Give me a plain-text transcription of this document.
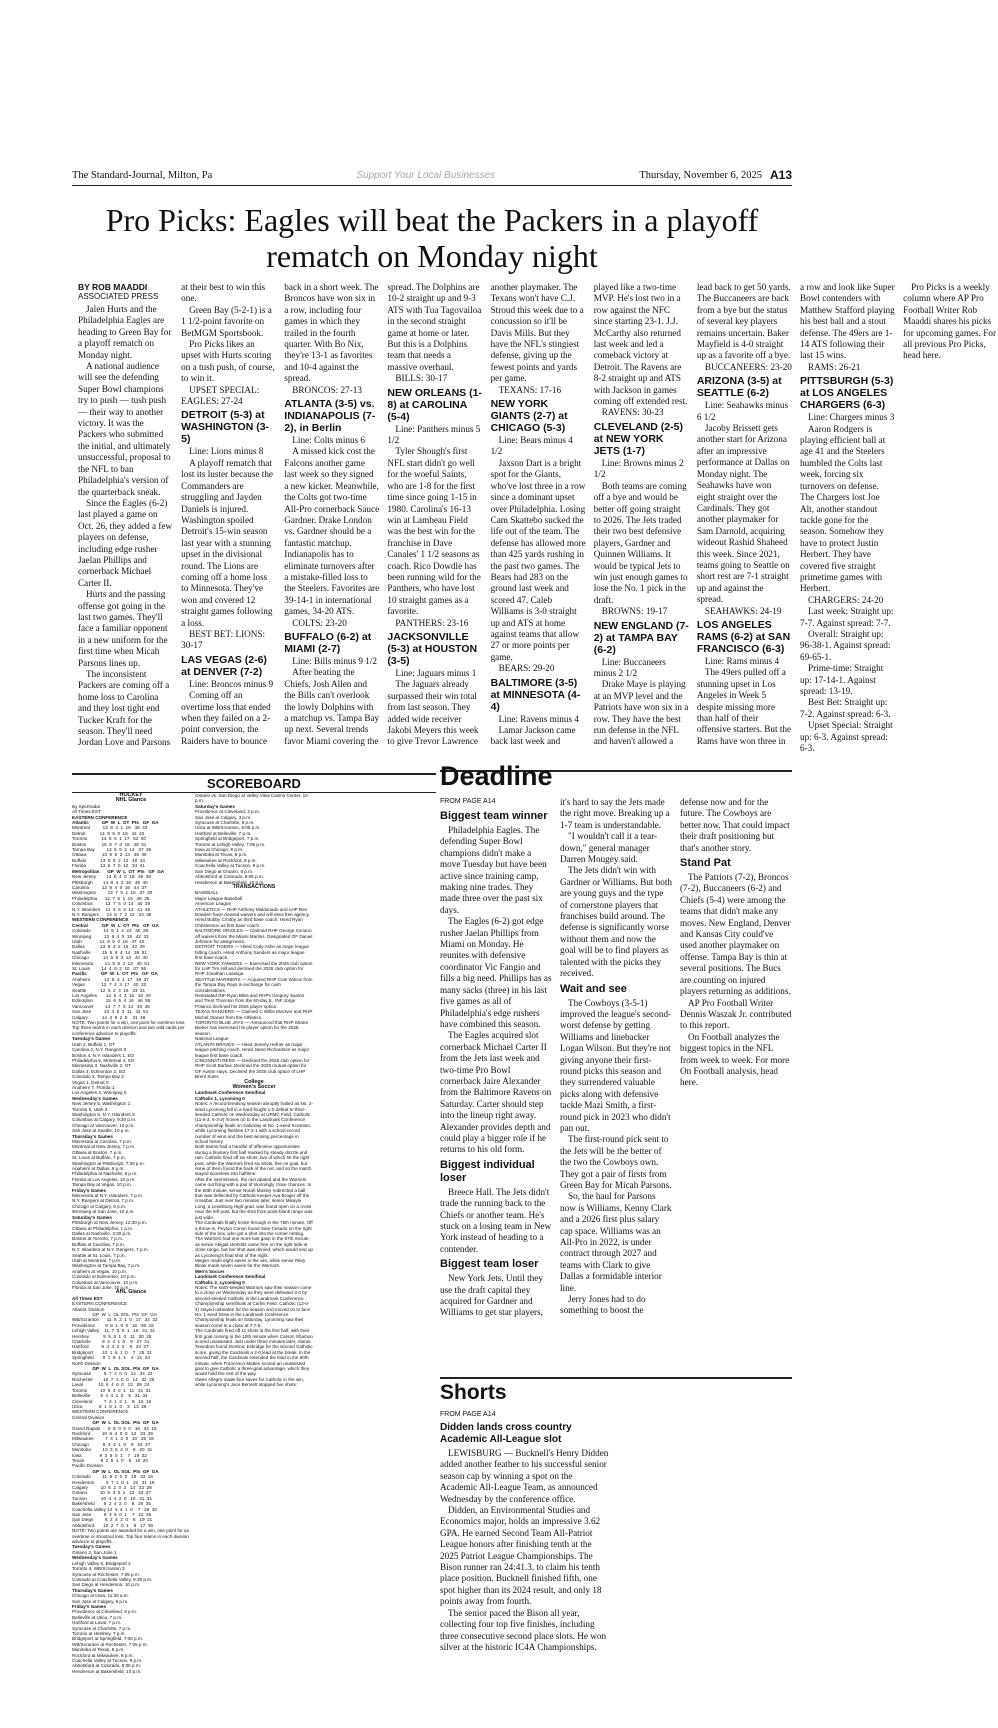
The Standard-Journal, Milton, Pa	Support Your Local Businesses	Thursday, November 6, 2025 A13
Pro Picks: Eagles will beat the Packers in a playoff rematch on Monday night
BY ROB MAADDI
ASSOCIATED PRESS

Jalen Hurts and the Philadelphia Eagles are heading to Green Bay for a playoff rematch on Monday night.

A national audience will see the defending Super Bowl champions try to push — tush push — their way to another victory. It was the Packers who submitted the initial, and ultimately unsuccessful, proposal to the NFL to ban Philadelphia's version of the quarterback sneak.

Since the Eagles (6-2) last played a game on Oct. 26, they added a few players on defense, including edge rusher Jaelan Phillips and cornerback Michael Carter II.

Hurts and the passing offense got going in the last two games. They'll face a familiar opponent in a new uniform for the first time when Micah Parsons lines up.

The inconsistent Packers are coming off a home loss to Carolina and they lost tight end Tucker Kraft for the season. They'll need Jordan Love and Parsons at their best to win this one.

Green Bay (5-2-1) is a 1 1/2-point favorite on BetMGM Sportsbook.

Pro Picks likes an upset with Hurts scoring on a tush push, of course, to win it.

UPSET SPECIAL: EAGLES: 27-24

DETROIT (5-3) at WASHINGTON (3-5)

Line: Lions minus 8

A playoff rematch that lost its luster because the Commanders are struggling and Jayden Daniels is injured. Washington spoiled Detroit's 15-win season last year with a stunning upset in the divisional round. The Lions are coming off a home loss to Minnesota. They've won and covered 12 straight games following a loss.

BEST BET: LIONS: 30-17

LAS VEGAS (2-6) at DENVER (7-2)

Line: Broncos minus 9

Coming off an overtime loss that ended when they failed on a 2-point conversion, the Raiders have to bounce back in a short week. The Broncos have won six in a row, including four games in which they trailed in the fourth quarter. With Bo Nix, they're 13-1 as favorites and 10-4 against the spread.

BRONCOS: 27-13

ATLANTA (3-5) vs. INDIANAPOLIS (7-2), in Berlin

Line: Colts minus 6

A missed kick cost the Falcons another game last week so they signed a new kicker. Meanwhile, the Colts got two-time All-Pro cornerback Sauce Gardner. Drake London vs. Gardner should be a fantastic matchup. Indianapolis has to eliminate turnovers after a mistake-filled loss to the Steelers. Favorites are 39-14-1 in international games, 34-20 ATS.

COLTS: 23-20

BUFFALO (6-2) at MIAMI (2-7)

Line: Bills minus 9 1/2

After beating the Chiefs, Josh Allen and the Bills can't overlook the lowly Dolphins with a matchup vs. Tampa Bay up next. Several trends favor Miami covering the spread. The Dolphins are 10-2 straight up and 9-3 ATS with Tua Tagovailoa in the second straight game at home or later. But this is a Dolphins team that needs a massive overhaul.

BILLS: 30-17

NEW ORLEANS (1-8) at CAROLINA (5-4)

Line: Panthers minus 5 1/2

Tyler Shough's first NFL start didn't go well for the woeful Saints, who are 1-8 for the first time since going 1-15 in 1980. Carolina's 16-13 win at Lambeau Field was the best win for the franchise in Dave Canales' 1 1/2 seasons as coach. Rico Dowdle has been running wild for the Panthers, who have lost 10 straight games as a favorite.

PANTHERS: 23-16

JACKSONVILLE (5-3) at HOUSTON (3-5)

Line: Jaguars minus 1

The Jaguars already surpassed their win total from last season. They added wide receiver Jakobi Meyers this week to give Trevor Lawrence another playmaker. The Texans won't have C.J. Stroud this week due to a concussion so it'll be Davis Mills. But they have the NFL's stingiest defense, giving up the fewest points and yards per game.

TEXANS: 17-16

NEW YORK GIANTS (2-7) at CHICAGO (5-3)

Line: Bears minus 4 1/2

Jaxson Dart is a bright spot for the Giants, who've lost three in a row since a dominant upset over Philadelphia. Losing Cam Skattebo sucked the life out of the team. The defense has allowed more than 425 yards rushing in the past two games. The Bears had 283 on the ground last week and scored 47. Caleb Williams is 3-0 straight up and ATS at home against teams that allow 27 or more points per game.

BEARS: 29-20

BALTIMORE (3-5) at MINNESOTA (4-4)

Line: Ravens minus 4

Lamar Jackson came back last week and played like a two-time MVP. He's lost two in a row against the NFC since starting 23-1. J.J. McCarthy also returned last week and led a comeback victory at Detroit. The Ravens are 8-2 straight up and ATS with Jackson in games coming off extended rest.

RAVENS: 30-23

CLEVELAND (2-5) at NEW YORK JETS (1-7)

Line: Browns minus 2 1/2

Both teams are coming off a bye and would be better off going straight to 2026. The Jets traded their two best defensive players, Gardner and Quinnen Williams. It would be typical Jets to win just enough games to lose the No. 1 pick in the draft.

BROWNS: 19-17

NEW ENGLAND (7-2) at TAMPA BAY (6-2)

Line: Buccaneers minus 2 1/2

Drake Maye is playing at an MVP level and the Patriots have won six in a row. They have the best run defense in the NFL and haven't allowed a lead back to get 50 yards. The Buccaneers are back from a bye but the status of several key players remains uncertain. Baker Mayfield is 4-0 straight up as a favorite off a bye.

BUCCANEERS: 23-20

ARIZONA (3-5) at SEATTLE (6-2)

Line: Seahawks minus 6 1/2

Jacoby Brissett gets another start for Arizona after an impressive performance at Dallas on Monday night. The Seahawks have won eight straight over the Cardinals. They got another playmaker for Sam Darnold, acquiring wideout Rashid Shaheed this week. Since 2021, teams going to Seattle on short rest are 7-1 straight up and against the spread.

SEAHAWKS: 24-19

LOS ANGELES RAMS (6-2) at SAN FRANCISCO (6-3)

Line: Rams minus 4

The 49ers pulled off a stunning upset in Los Angeles in Week 5 despite missing more than half of their offensive starters. But the Rams have won three in a row and look like Super Bowl contenders with Matthew Stafford playing his best ball and a stout defense. The 49ers are 1-14 ATS following their last 15 wins.

RAMS: 26-21

PITTSBURGH (5-3) at LOS ANGELES CHARGERS (6-3)

Line: Chargers minus 3

Aaron Rodgers is playing efficient ball at age 41 and the Steelers humbled the Colts last week, forcing six turnovers on defense. The Chargers lost Joe Alt, another standout tackle gone for the season. Somehow they have to protect Justin Herbert. They have covered five straight primetime games with Herbert.

CHARGERS: 24-20

Last week: Straight up: 7-7. Against spread: 7-7.

Overall: Straight up: 96-38-1. Against spread: 69-65-1.

Prime-time: Straight up: 17-14-1. Against spread: 13-19.

Best Bet: Straight up: 7-2. Against spread: 6-3.

Upset Special: Straight up: 6-3. Against spread: 6-3.

Pro Picks is a weekly column where AP Pro Football Writer Rob Maaddi shares his picks for upcoming games. For all previous Pro Picks, head here.

SCOREBOARD
HOCKEY
NHL Glance
By Sportradar
All Times EST
EASTERN CONFERENCE
Atlantic          GP  W  L  OT  Pts   GF  GA
Montreal          13  9  3  1  19   48  43
Detroit           14  9  5  0  18   42  40
Toronto           14  8  5  1  17   52  50
Boston            15  8  7  0  16   49  51
Tampa Bay         13  6  5  2  14   37  36
Ottawa            13  6  5  2  14   46  48
Buffalo           13  5  6  2  12   40  43
Florida           13  6  7  0  12   34  41
Metropolitan      GP  W  L  OT  Pts   GF  GA
New Jersey        13  9  4  0  18   46  38
Pittsburgh        14  8  4  2  18   49  40
Carolina          12  8  4  0  16   44  37
Washington         13  7  5  1  15   37  30
Philadelphia      12  7  5  1  15   38  35
Columbus          12  7  5  0  14   40  39
N.Y. Islanders    13  5  5  3  13   41  46
N.Y. Rangers      14  5  7  2  12   33  38
WESTERN CONFERENCE
Central           GP  W  L  OT  Pts   GF  GA
Colorado          14  9  1  4  22   50  28
Winnipeg          13  9  4  0  18   42  33
Utah              14  9  5  0  18   47  40
Dallas            13  8  3  2  18   42  39
Nashville         15  5  6  4  14   39  51
Chicago           13  5  5  3  13   42  40
Minnesota         14  5  6  3  13   40  51
St. Louis         14  4  8  2  10   37  55
Pacific           GP  W  L  OT  Pts   GF  GA
Anaheim           12  8  3  1  17   48  37
Vegas             12  7  2  3  17   40  32
Seattle           12  6  2  4  16   33  31
Los Angeles       14  6  4  4  16   40  40
Edmonton          15  6  5  4  16   46  55
Vancouver         14  7  7  0  14   40  45
San Jose          13  4  6  3  11   42  51
Calgary           14  3  9  2  8    31  48
NOTE: Two points for a win, one point for overtime loss. Top three teams in each division and two wild cards per conference advance to playoffs.
Tuesday's Games
Utah 2, Buffalo 1, OT
Carolina 3, N.Y. Rangers 0
Boston 4, N.Y. Islanders 1, SO
Philadelphia 5, Montreal 4, SO
Minnesota 3, Nashville 2, OT
Dallas 4, Edmonton 3, SO
Colorado 3, Tampa Bay 2
Vegas 1, Detroit 0
Anaheim 7, Florida 1
Los Angeles 3, Winnipeg 0
Wednesday's Games
New Jersey 5, Washington 1
Toronto 5, Utah 3
Washington 6, N.Y. Islanders 3
Columbus at Calgary, 9:30 p.m.
Chicago at Vancouver, 10 p.m.
San Jose at Seattle, 10 p.m.
Thursday's Games
Minnesota at Carolina, 7 p.m.
Montreal at New Jersey, 7 p.m.
Ottawa at Boston, 7 p.m.
St. Louis at Buffalo, 7 p.m.
Washington at Pittsburgh, 7:30 p.m.
Anaheim at Dallas, 8 p.m.
Philadelphia at Nashville, 8 p.m.
Florida at Los Angeles, 10 p.m.
Tampa Bay at Vegas, 10 p.m.
Friday's Games
Minnesota at N.Y. Islanders, 7 p.m.
N.Y. Rangers at Detroit, 7 p.m.
Chicago at Calgary, 9 p.m.
Winnipeg at San Jose, 10 p.m.
Saturday's Games
Pittsburgh at New Jersey, 12:30 p.m.
Ottawa at Philadelphia, 1 p.m.
Dallas at Nashville, 3:30 p.m.
Boston at Toronto, 7 p.m.
Buffalo at Carolina, 7 p.m.
N.Y. Islanders at N.Y. Rangers, 7 p.m.
Seattle at St. Louis, 7 p.m.
Utah at Montreal, 7 p.m.
Washington at Tampa Bay, 7 p.m.
Anaheim at Vegas, 10 p.m.
Colorado at Edmonton, 10 p.m.
Columbus at Vancouver, 10 p.m.
Florida at San Jose, 10 p.m.
AHL Glance
All Times EST
EASTERN CONFERENCE
Atlantic Division
GP  W  L  OL SOL  Pts  GF  GA
WB/Scranton      11  8  2  1  0   17   34  22
Providence        9  8  1  0  0   16   36  19
Lehigh Valley    11  7  3  0  1   15   41  31
Hershey           9  5  3  1  0   11   30  28
Charlotte         9  4  4  1  0    9   27  31
Hartford          9  3  4  2  0    8   24  27
Bridgeport       10  1  6  1  0    7   25  31
Springfield       9  1  6  1  1    4   21  34
North Division
GP  W  L  OL SOL  Pts  GF  GA
Syracuse          9  7  2  0  0   14   34  22
Rochester        10  7  1  0  0   14   32  26
Laval            10  6  4  0  0   12   29  24
Toronto          10  5  4  0  1   11   31  31
Belleville        9  4  4  1  0    9   31  34
Cleveland         7  3  1  2  1    9   15  18
Utica             8  1  6  1  0    3   13  26
WESTERN CONFERENCE
Central Division
GP  W  L  OL SOL  Pts  GF  GA
Grand Rapids      8  8  0  0  0   16   34  16
Rockford         10  6  4  0  0   12   33  29
Milwaukee         7  4  1  2  0   10   25  18
Chicago           8  4  3  1  0    9   24  27
Manitoba         10  3  5  2  0    8   20  31
Iowa              9  3  5  0  1    7   19  32
Texas             8  2  5  1  0    5   15  20
Pacific Division
GP  W  L  OL SOL  Pts  GF  GA
Colorado         11  9  2  0  0   18   33  19
Henderson         9  7  1  0  1   15   31  19
Calgary          10  6  2  0  2   14   33  29
Ontario          10  6  3  0  1   13   33  27
Tucson           10  4  4  2  0   10   31  31
Bakersfield       9  3  4  2  0    8   26  35
Coachella Valley 14  3  4  1  0    7   26  30
San Jose          9  3  5  0  1    7   22  35
San Diego         8  2  4  2  0    6   19  21
Abbotsford       10  2  7  0  1    5   17  39
NOTE: Two points are awarded for a win, one point for an overtime or shootout loss. Top four teams in each division advance to playoffs.
Tuesday's Games
Ontario 2, San Jose 1
Wednesday's Games
Lehigh Valley 6, Bridgeport 2
Toronto 4, WB/Scranton 3
Syracuse at Rochester, 7:05 p.m.
Colorado at Coachella Valley, 9:30 p.m.
San Diego at Henderson, 10 p.m.
Thursday's Games
Chicago at Iowa, 11:30 a.m.
San Jose at Calgary, 9 p.m.
Friday's Games
Providence at Cleveland, 6 p.m.
Belleville at Utica, 7 p.m.
Hartford at Laval, 7 p.m.
Syracuse at Charlotte, 7 p.m.
Toronto at Hershey, 7 p.m.
Bridgeport at Springfield, 7:05 p.m.
WB/Scranton at Rochester, 7:05 p.m.
Manitoba at Texas, 8 p.m.
Rockford at Milwaukee, 8 p.m.
Coachella Valley at Tucson, 9 p.m.
Abbotsford at Colorado, 9:05 p.m.
Henderson at Bakersfield, 10 p.m.
Ontario vs. San Diego at Valley View Casino Center, 10 p.m.
Saturday's Games
Providence at Cleveland, 2 p.m.
San Jose at Calgary, 3 p.m.
Syracuse at Charlotte, 6 p.m.
Utica at WB/Scranton, 6:05 p.m.
Hartford at Belleville, 7 p.m.
Springfield at Bridgeport, 7 p.m.
Toronto at Lehigh Valley, 7:05 p.m.
Iowa at Chicago, 8 p.m.
Manitoba at Texas, 8 p.m.
Milwaukee at Rockford, 8 p.m.
Coachella Valley at Tucson, 9 p.m.
San Diego at Ontario, 9 p.m.
Abbotsford at Colorado, 9:05 p.m.
Henderson at Bakersfield, 10 p.m.
TRANSACTIONS
BASEBALL
Major League Baseball
American League
ATHLETICS — RHP Anthony Maldonado and LHP Ben Bowden have cleared waivers and will elect free agency. Hired Bobby Crosby as third base coach. Hired Ryan Christenson as first base coach.
BALTIMORE ORIOLES — Claimed RHP George Soriano off waivers from the Miami Marlins. Designated OF Daniel Johnson for assignment.
DETROIT TIGERS — Hired Cody Ashe as major league hitting coach. Hired Anthony Sanders as major league first base coach.
NEW YORK YANKEES — Exercised the 2026 club option for LHP Tim Hill and declined the 2026 club option for RHP Jonathan Loáisiga.
SEATTLE MARINERS — Acquired RHP Cole Wilcox from the Tampa Bay Rays in exchange for cash considerations.
Reinstated INF Ryan Bliss and RHPs Gregory Santos and Trent Thornton from the 60-day IL. INF Jorge Polanco declined his 2026 player option.
TEXAS RANGERS — Claimed C Willie MacIver and RHP Michel Otanez from the Athletics.
TORONTO BLUE JAYS — Announced that RHP Shane Bieber has exercised his player option for the 2026 season.
National League
ATLANTA BRAVES — Hired Jeremy Hefner as major league pitching coach. Hired Jared Richardson as major league first base coach.
CINCINNATI REDS — Declined the 2026 club option for RHP Scott Barlow. Declined the 2026 mutual option for OF Austin Hays. Declined the 2026 club option of LHP Brent Suter.
College
Women's Soccer
Landmark Conference Semifinal
Catholic 1, Lycoming 0
Notes: A record-breaking season abruptly halted as No. 2-seed Lycoming fell in a hard-fought 1-0 defeat to third-seeded Catholic on Wednesday at UPMC Field. Catholic (11-6-3, 6-3-2) moves on to the Landmark Conference championship finals on Saturday at No. 1-seed Scranton, while Lycoming finishes 17-2-1 with a school-record number of wins and the best winning percentage in school history.
Both teams had a handful of offensive opportunities during a blustery first half marked by steady drizzle and rain. Catholic fired off six shots, two of which hit the right post, while the Warriors fired six shots, five on goal, but none of them found the back of the net, and so the match stayed scoreless into halftime.
After the intermission, the rain abated and the Warriors came out firing with a pair of stunningly close chances. In the 50th minute, senior Norah Mosley redirected a ball that was deflected by Catholic keeper Ava Broger off the crossbar. Just over two minutes later, senior Mikayla Long, a Lewisburg High grad, was found open on a cross near the left post, but the shot from point-blank range was just wide.
The Cardinals finally broke through in the 75th minute. Off a throw-in, Peyton Conon found Sam Cesario on the right side of the box, who got a shot into the corner netting.
The Warriors had one more last gasp in the 87th minute, as senior Abigail Umholtz came free on the right side at close range, but her shot was denied, which would end up as Lycoming's final shot of the night.
Megan made eight saves in the win, while senior Riley Blook made seven saves for the Warriors.
Men's Soccer
Landmark Conference Semifinal
Catholic 2, Lycoming 0
Notes: The sixth-seeded Warriors saw their season come to a close on Wednesday as they were defeated 3-0 by second-seeded Catholic in the Landmark Conference Championship semifinals at Carlini Field. Catholic (12-0-4) stayed unbeaten for the season and moved on to face No. 1 seed Drew in the Landmark Conference Championship finals on Saturday. Lycoming saw their season come to a close at 7-7-5.
The Cardinals fired off 11 shots in the first half, with their first goal coming in the 10th minute when Carson Shamoo scored unassisted. Just under three minutes later, Alaras Tewodros found Dominic Eskridge for the second Catholic score, giving the Cardinals a 2-0 lead at the break. In the second half, the Cardinals extended the lead in the 60th minute, when Francesco Matteo scored an unassisted goal to give Catholic a three-goal advantage, which they would hold the rest of the way.
Owen Allegro made four saves for Catholic in the win, while Lycoming's Jace Bennett stopped five shots.
Deadline

FROM PAGE A14

Biggest team winner

Philadelphia Eagles. The defending Super Bowl champions didn't make a move Tuesday but have been active since training camp, making nine trades. They made three over the past six days.

The Eagles (6-2) got edge rusher Jaelan Phillips from Miami on Monday. He reunites with defensive coordinator Vic Fangio and fills a big need. Phillips has as many sacks (three) in his last five games as all of Philadelphia's edge rushers have combined this season.

The Eagles acquired slot cornerback Michael Carter II from the Jets last week and two-time Pro Bowl cornerback Jaire Alexander from the Baltimore Ravens on Saturday. Carter should step into the lineup right away. Alexander provides depth and could play a bigger role if he returns to his old form.

Biggest individual loser

Breece Hall. The Jets didn't trade the running back to the Chiefs or another team. He's stuck on a losing team in New York instead of heading to a contender.

Biggest team loser

New York Jets. Until they use the draft capital they acquired for Gardner and Williams to get star players, it's hard to say the Jets made the right move. Breaking up a 1-7 team is understandable.

"I wouldn't call it a tear-down," general manager Darren Mougey said.

The Jets didn't win with Gardner or Williams. But both are young guys and the type of cornerstone players that franchises build around. The defense is significantly worse without them and now the goal will be to find players as talented with the picks they received.

Wait and see

The Cowboys (3-5-1) improved the league's second-worst defense by getting Williams and linebacker Logan Wilson. But they're not giving anyone their first-round picks this season and they surrendered valuable picks along with defensive tackle Mazi Smith, a first-round pick in 2023 who didn't pan out.

The first-round pick sent to the Jets will be the better of the two the Cowboys own. They got a pair of firsts from Green Bay for Micah Parsons.

So, the haul for Parsons now is Williams, Kenny Clark and a 2026 first plus salary cap space. Williams was an All-Pro in 2022, is under contract through 2027 and teams with Clark to give Dallas a formidable interior line.

Jerry Jones had to do something to boost the defense now and for the future. The Cowboys are better now. That could impact their draft positioning but that's another story.

Stand Pat

The Patriots (7-2), Broncos (7-2), Buccaneers (6-2) and Chiefs (5-4) were among the teams that didn't make any moves. New England, Denver and Kansas City could've used another playmaker on offense. Tampa Bay is thin at several positions. The Bucs are counting on injured players returning as additions.

AP Pro Football Writer Dennis Waszak Jr. contributed to this report.

On Football analyzes the biggest topics in the NFL from week to week. For more On Football analysis, head here.

Shorts

FROM PAGE A14

Didden lands cross country Academic All-League slot

LEWISBURG — Bucknell's Henry Didden added another feather to his successful senior season cap by winning a spot on the Academic All-League Team, as announced Wednesday by the conference office.

Didden, an Environmental Studies and Economics major, holds an impressive 3.62 GPA. He earned Second Team All-Patriot League honors after finishing tenth at the 2025 Patriot League Championships. The Bison runner ran 24:41.3. to claim his tenth place position. Bucknell finished fifth, one spot higher than its 2024 result, and only 18 points away from fourth.

The senior paced the Bison all year, collecting four top five finishes, including three consecutive second place slots. He won silver at the historic IC4A Championships.
